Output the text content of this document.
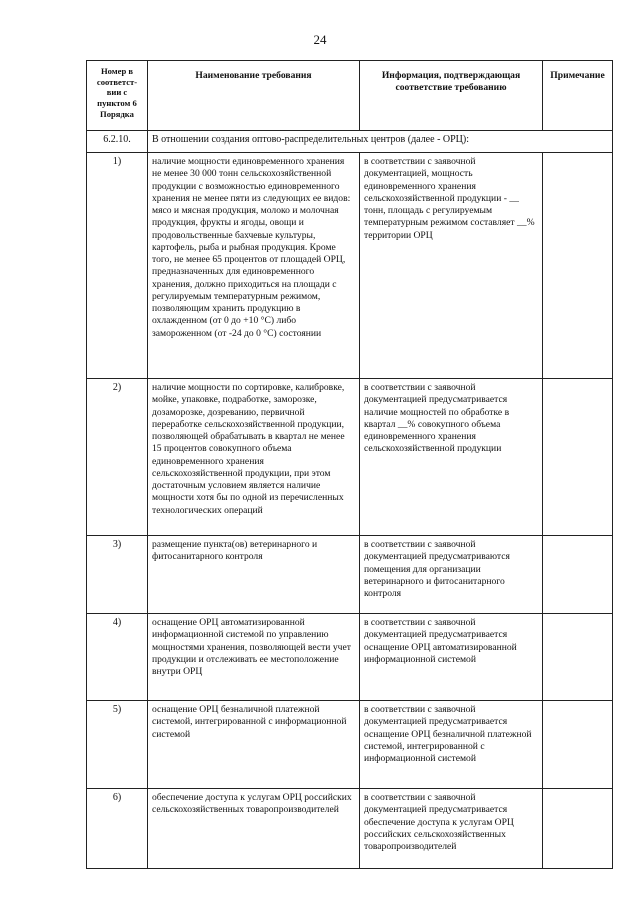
24
Номер в соответст-вии с пунктом 6 Порядка	Наименование требования	Информация, подтверждающая соответствие требованию	Примечание
6.2.10.	В отношении создания оптово-распределительных центров (далее - ОРЦ):		
1)	наличие мощности единовременного хранения не менее 30 000 тонн сельскохозяйственной продукции с возможностью единовременного хранения не менее пяти из следующих ее видов: мясо и мясная продукция, молоко и молочная продукция, фрукты и ягоды, овощи и продовольственные бахчевые культуры, картофель, рыба и рыбная продукция. Кроме того, не менее 65 процентов от площадей ОРЦ, предназначенных для единовременного хранения, должно приходиться на площади с регулируемым температурным режимом, позволяющим хранить продукцию в охлажденном (от 0 до +10 °С) либо замороженном (от -24 до 0 °С) состоянии	в соответствии с заявочной документацией, мощность единовременного хранения сельскохозяйственной продукции - __ тонн, площадь с регулируемым температурным режимом составляет __% территории ОРЦ	
2)	наличие мощности по сортировке, калибровке, мойке, упаковке, подработке, заморозке, дозаморозке, дозреванию, первичной переработке сельскохозяйственной продукции, позволяющей обрабатывать в квартал не менее 15 процентов совокупного объема единовременного хранения сельскохозяйственной продукции, при этом достаточным условием является наличие мощности хотя бы по одной из перечисленных технологических операций	в соответствии с заявочной документацией предусматривается наличие мощностей по обработке в квартал __% совокупного объема единовременного хранения сельскохозяйственной продукции	
3)	размещение пункта(ов) ветеринарного и фитосанитарного контроля	в соответствии с заявочной документацией предусматриваются помещения для организации ветеринарного и фитосанитарного контроля	
4)	оснащение ОРЦ автоматизированной информационной системой по управлению мощностями хранения, позволяющей вести учет продукции и отслеживать ее местоположение внутри ОРЦ	в соответствии с заявочной документацией предусматривается оснащение ОРЦ автоматизированной информационной системой	
5)	оснащение ОРЦ безналичной платежной системой, интегрированной с информационной системой	в соответствии с заявочной документацией предусматривается оснащение ОРЦ безналичной платежной системой, интегрированной с информационной системой	
6)	обеспечение доступа к услугам ОРЦ российских сельскохозяйственных товаропроизводителей	в соответствии с заявочной документацией предусматривается обеспечение доступа к услугам ОРЦ российских сельскохозяйственных товаропроизводителей	
